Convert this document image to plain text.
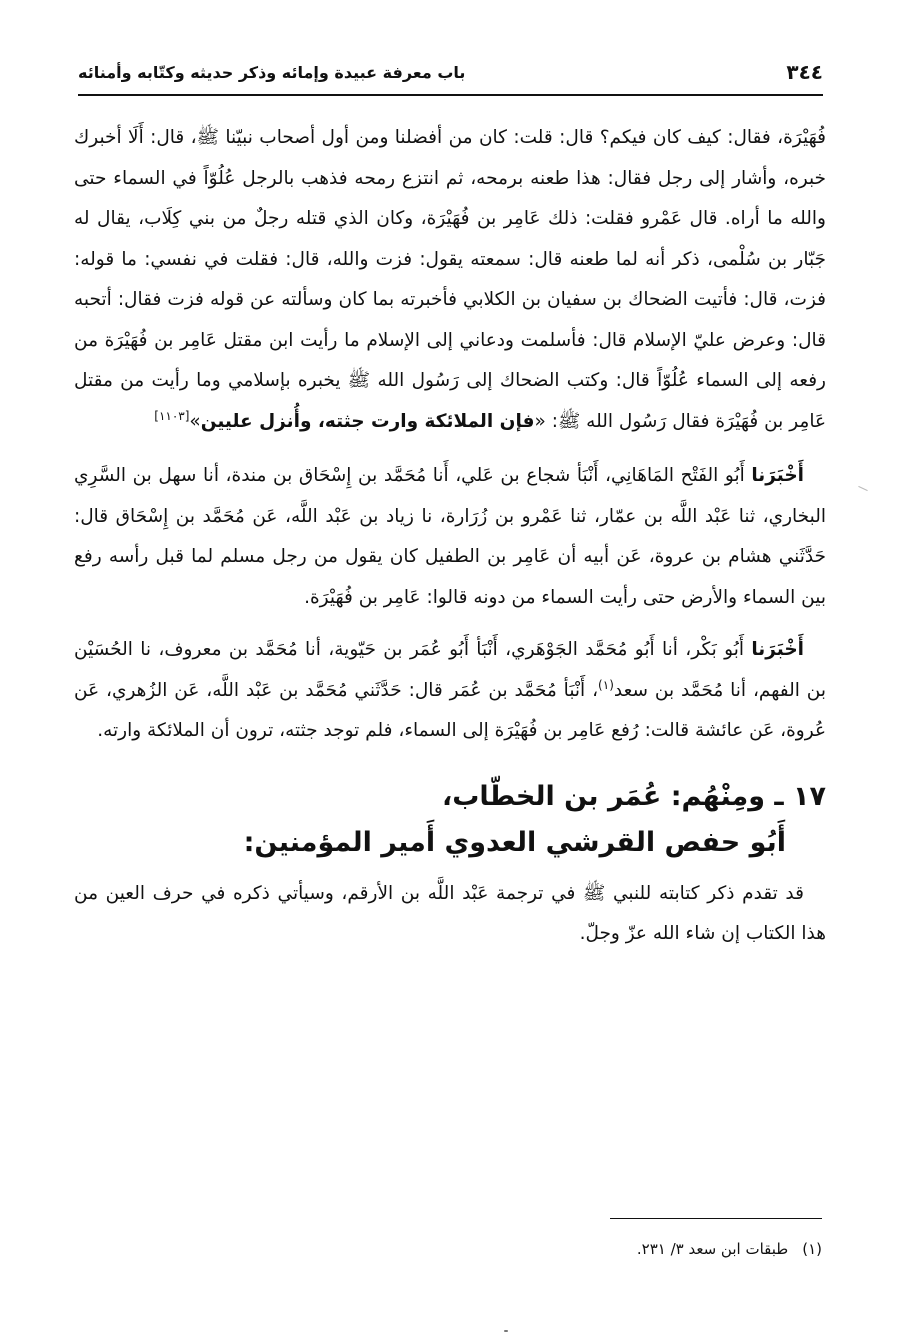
٣٤٤
باب معرفة عبيدة وإمائه وذكر حديثه وكتّابه وأمنائه

فُهَيْرَة، فقال: كيف كان فيكم؟ قال: قلت: كان من أفضلنا ومن أول أصحاب نبيّنا ﷺ، قال: أَلَا أخبرك خبره، وأشار إلى رجل فقال: هذا طعنه برمحه، ثم انتزع رمحه فذهب بالرجل عُلُوّاً في السماء حتى والله ما أراه. قال عَمْرو فقلت: ذلك عَامِر بن فُهَيْرَة، وكان الذي قتله رجلٌ من بني كِلَاب، يقال له جَبّار بن سُلْمى، ذكر أنه لما طعنه قال: سمعته يقول: فزت والله، قال: فقلت في نفسي: ما قوله: فزت، قال: فأتيت الضحاك بن سفيان بن الكلابي فأخبرته بما كان وسألته عن قوله فزت فقال: أتحبه قال: وعرض عليّ الإسلام قال: فأسلمت ودعاني إلى الإسلام ما رأيت ابن مقتل عَامِر بن فُهَيْرَة من رفعه إلى السماء عُلُوّاً قال: وكتب الضحاك إلى رَسُول الله ﷺ يخبره بإسلامي وما رأيت من مقتل عَامِر بن فُهَيْرَة فقال رَسُول الله ﷺ: «فإن الملائكة وارت جثته، وأُنزل عليين»[١١٠٣]

أَخْبَرَنا أَبُو الفَتْح المَاهَانِي، أَنْبَأ شجاع بن عَلي، أَنا مُحَمَّد بن إِسْحَاق بن مندة، أنا سهل بن السَّرِي البخاري، ثنا عَبْد اللَّه بن عمّار، ثنا عَمْرو بن زُرَارة، نا زياد بن عَبْد اللَّه، عَن مُحَمَّد بن إِسْحَاق قال: حَدَّثَني هشام بن عروة، عَن أبيه أن عَامِر بن الطفيل كان يقول من رجل مسلم لما قبل رأسه رفع بين السماء والأرض حتى رأيت السماء من دونه قالوا: عَامِر بن فُهَيْرَة.

أَخْبَرَنا أَبُو بَكْر، أنا أَبُو مُحَمَّد الجَوْهَري، أَنْبَأ أَبُو عُمَر بن حَيّوية، أنا مُحَمَّد بن معروف، نا الحُسَيْن بن الفهم، أنا مُحَمَّد بن سعد$^{(١)}$، أَنْبَأ مُحَمَّد بن عُمَر قال: حَدَّثَني مُحَمَّد بن عَبْد اللَّه، عَن الزُهري، عَن عُروة، عَن عائشة قالت: رُفع عَامِر بن فُهَيْرَة إلى السماء، فلم توجد جثته، ترون أن الملائكة وارته.

١٧ ـ ومِنْهُم: عُمَر بن الخطّاب،
أَبُو حفص القرشي العدوي أَمير المؤمنين:

قد تقدم ذكر كتابته للنبي ﷺ في ترجمة عَبْد اللَّه بن الأرقم، وسيأتي ذكره في حرف العين من هذا الكتاب إن شاء الله عزّ وجلّ.

(١)طبقات ابن سعد ٣/ ٢٣١.
